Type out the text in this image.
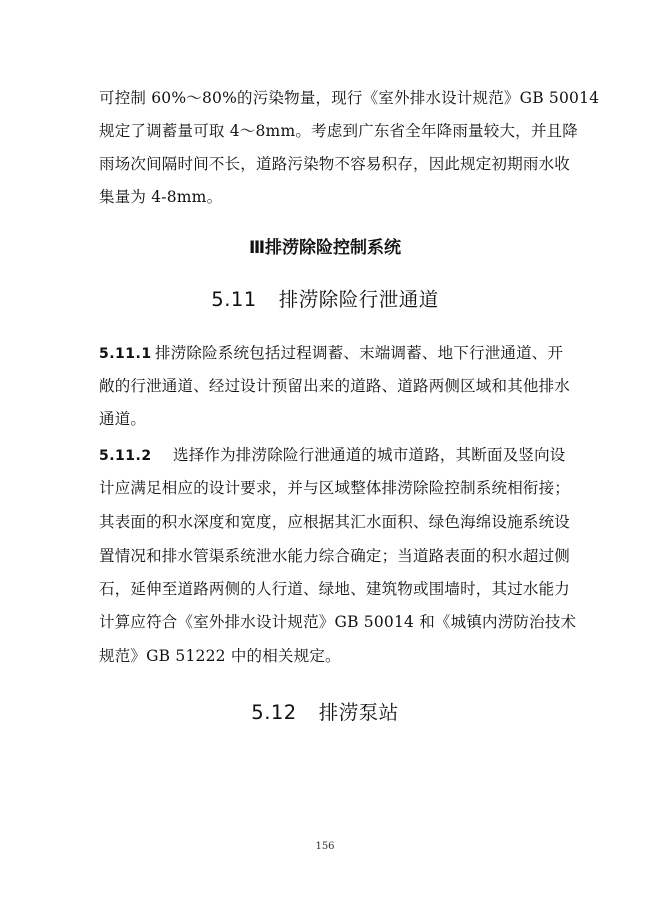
可控制 60%～80%的污染物量，现行《室外排水设计规范》GB 50014
规定了调蓄量可取 4～8mm。考虑到广东省全年降雨量较大，并且降
雨场次间隔时间不长，道路污染物不容易积存，因此规定初期雨水收
集量为 4-8mm。
Ⅲ排涝除险控制系统
5.11 排涝除险行泄通道
5.11.1 排涝除险系统包括过程调蓄、末端调蓄、地下行泄通道、开
敞的行泄通道、经过设计预留出来的道路、道路两侧区域和其他排水
通道。
5.11.2 选择作为排涝除险行泄通道的城市道路，其断面及竖向设
计应满足相应的设计要求，并与区域整体排涝除险控制系统相衔接；
其表面的积水深度和宽度，应根据其汇水面积、绿色海绵设施系统设
置情况和排水管渠系统泄水能力综合确定；当道路表面的积水超过侧
石，延伸至道路两侧的人行道、绿地、建筑物或围墙时，其过水能力
计算应符合《室外排水设计规范》GB 50014 和《城镇内涝防治技术
规范》GB 51222 中的相关规定。
5.12 排涝泵站
156
